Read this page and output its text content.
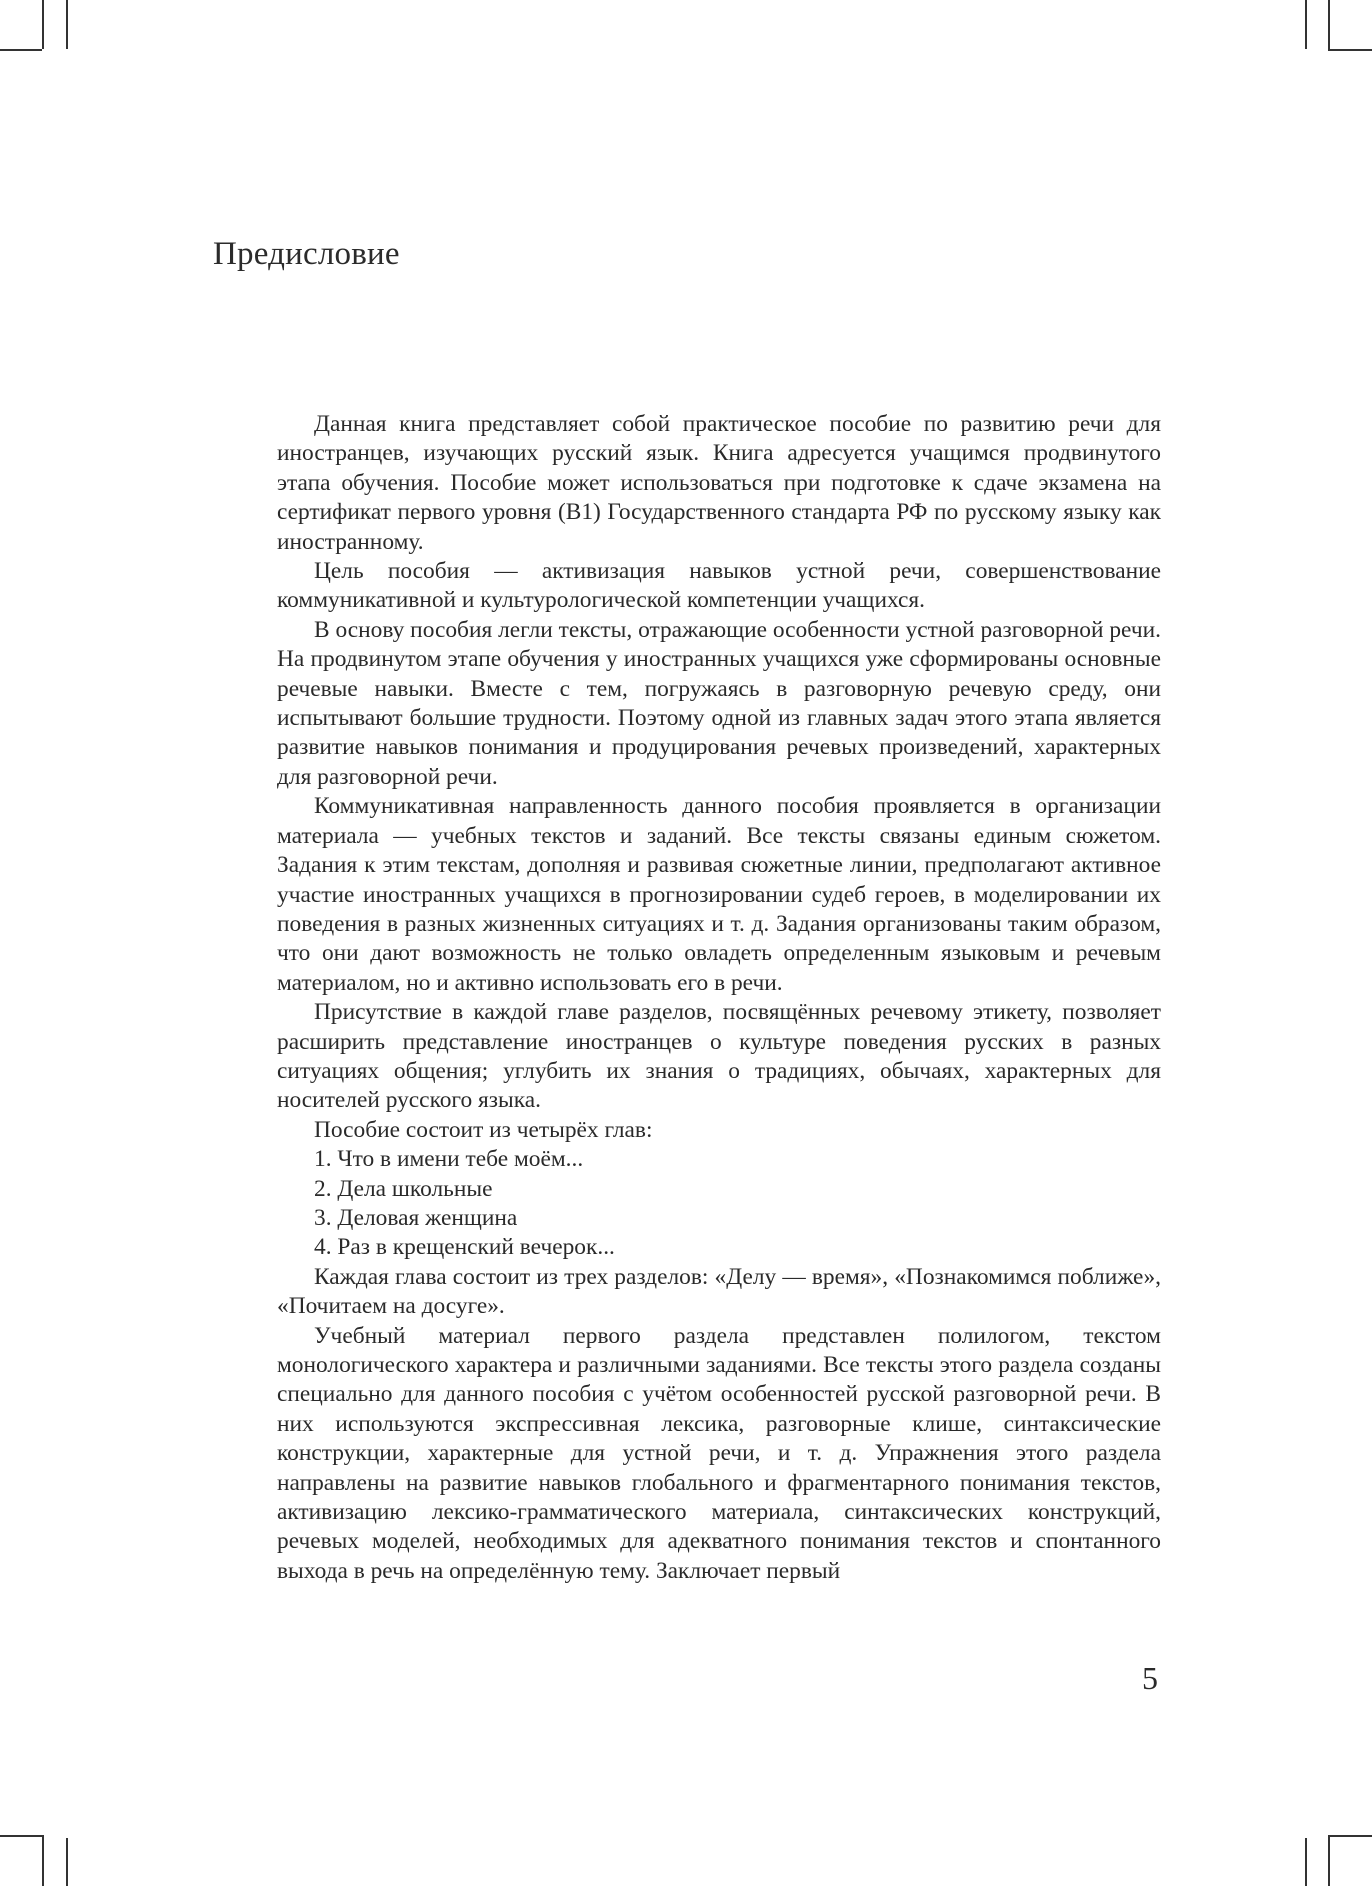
Предисловие

Данная книга представляет собой практическое пособие по развитию речи для иностранцев, изучающих русский язык. Книга адресуется учащимся продвинутого этапа обучения. Пособие может использоваться при подготовке к сдаче экзамена на сертификат первого уровня (В1) Государственного стандарта РФ по русскому языку как иностранному.

Цель пособия — активизация навыков устной речи, совершенствование коммуникативной и культурологической компетенции учащихся.

В основу пособия легли тексты, отражающие особенности устной разговорной речи. На продвинутом этапе обучения у иностранных учащихся уже сформированы основные речевые навыки. Вместе с тем, погружаясь в разговорную речевую среду, они испытывают большие трудности. Поэтому одной из главных задач этого этапа является развитие навыков понимания и продуцирования речевых произведений, характерных для разговорной речи.

Коммуникативная направленность данного пособия проявляется в организации материала — учебных текстов и заданий. Все тексты связаны единым сюжетом. Задания к этим текстам, дополняя и развивая сюжетные линии, предполагают активное участие иностранных учащихся в прогнозировании судеб героев, в моделировании их поведения в разных жизненных ситуациях и т. д. Задания организованы таким образом, что они дают возможность не только овладеть определенным языковым и речевым материалом, но и активно использовать его в речи.

Присутствие в каждой главе разделов, посвящённых речевому этикету, позволяет расширить представление иностранцев о культуре поведения русских в разных ситуациях общения; углубить их знания о традициях, обычаях, характерных для носителей русского языка.

Пособие состоит из четырёх глав:

1. Что в имени тебе моём...
2. Дела школьные
3. Деловая женщина
4. Раз в крещенский вечерок...

Каждая глава состоит из трех разделов: «Делу — время», «Познакомимся поближе», «Почитаем на досуге».

Учебный материал первого раздела представлен полилогом, текстом монологического характера и различными заданиями. Все тексты этого раздела созданы специально для данного пособия с учётом особенностей русской разговорной речи. В них используются экспрессивная лексика, разговорные клише, синтаксические конструкции, характерные для устной речи, и т. д. Упражнения этого раздела направлены на развитие навыков глобального и фрагментарного понимания текстов, активизацию лексико-грамматического материала, синтаксических конструкций, речевых моделей, необходимых для адекватного понимания текстов и спонтанного выхода в речь на определённую тему. Заключает первый

5
